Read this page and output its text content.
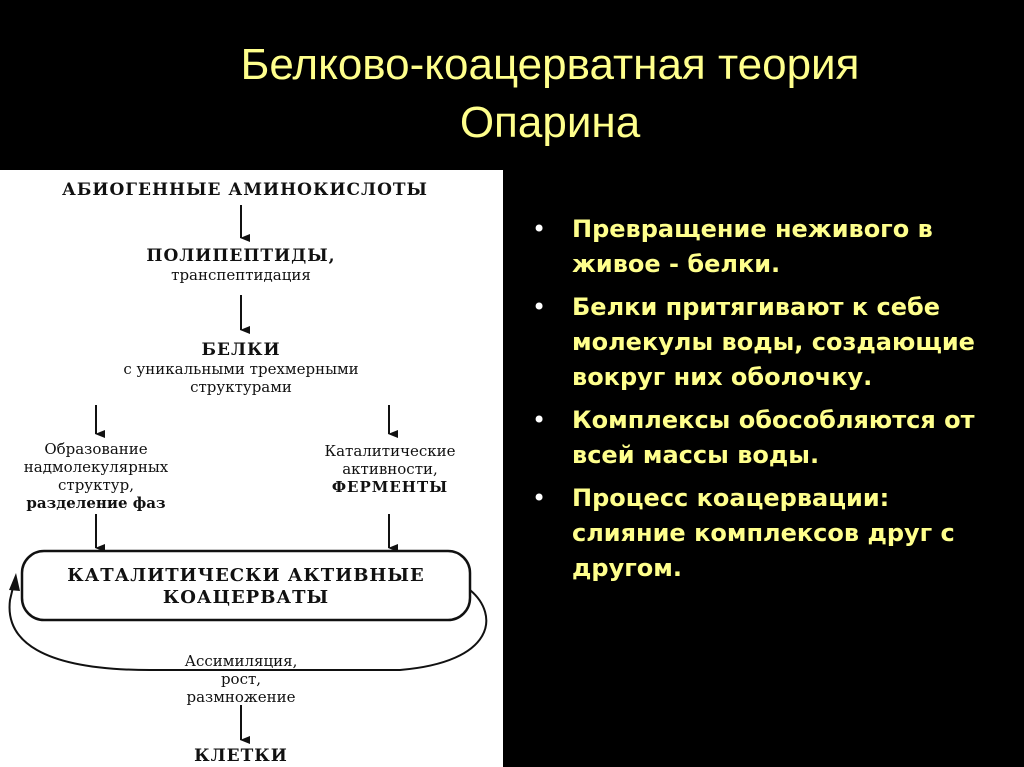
Белково-коацерватная теория
Опарина
АБИОГЕННЫЕ АМИНОКИСЛОТЫ
ПОЛИПЕПТИДЫ,
транспептидация
БЕЛКИ
с уникальными трехмерными
структурами
Образование
надмолекулярных
структур,
разделение фаз
Каталитические
активности,
ФЕРМЕНТЫ
КАТАЛИТИЧЕСКИ АКТИВНЫЕ
КОАЦЕРВАТЫ
Ассимиляция,
рост,
размножение
КЛЕТКИ
• Превращение неживого в живое - белки.
• Белки притягивают к себе молекулы воды, создающие вокруг них оболочку.
• Комплексы обособляются от всей массы воды.
• Процесс коацервации: слияние комплексов друг с другом.
